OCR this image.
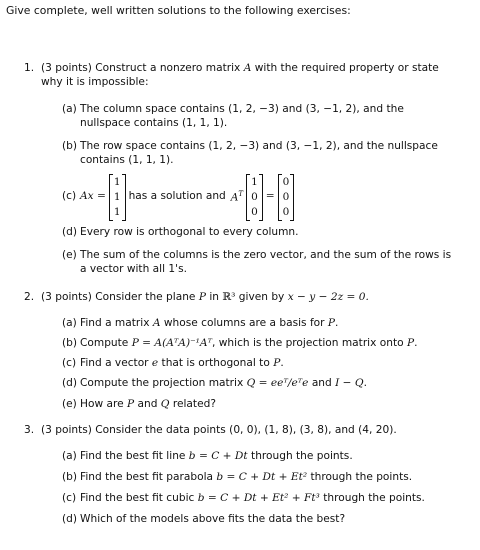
Give complete, well written solutions to the following exercises:
1. (3 points) Construct a nonzero matrix A with the required property or state why it is impossible:
(a) The column space contains (1, 2, −3) and (3, −1, 2), and the nullspace contains (1, 1, 1).
(b) The row space contains (1, 2, −3) and (3, −1, 2), and the nullspace contains (1, 1, 1).
(c) Ax =
1
1
1
has a solution and $A^T$
1
0
0
=
0
0
0
(d) Every row is orthogonal to every column.
(e) The sum of the columns is the zero vector, and the sum of the rows is a vector with all 1's.
2. (3 points) Consider the plane P in ℝ³ given by x − y − 2z = 0.
(a) Find a matrix A whose columns are a basis for P.
(b) Compute P = A(AᵀA)⁻¹Aᵀ, which is the projection matrix onto P.
(c) Find a vector e that is orthogonal to P.
(d) Compute the projection matrix Q = eeᵀ/eᵀe and I − Q.
(e) How are P and Q related?
3. (3 points) Consider the data points (0, 0), (1, 8), (3, 8), and (4, 20).
(a) Find the best fit line b = C + Dt through the points.
(b) Find the best fit parabola b = C + Dt + Et² through the points.
(c) Find the best fit cubic b = C + Dt + Et² + Ft³ through the points.
(d) Which of the models above fits the data the best?
